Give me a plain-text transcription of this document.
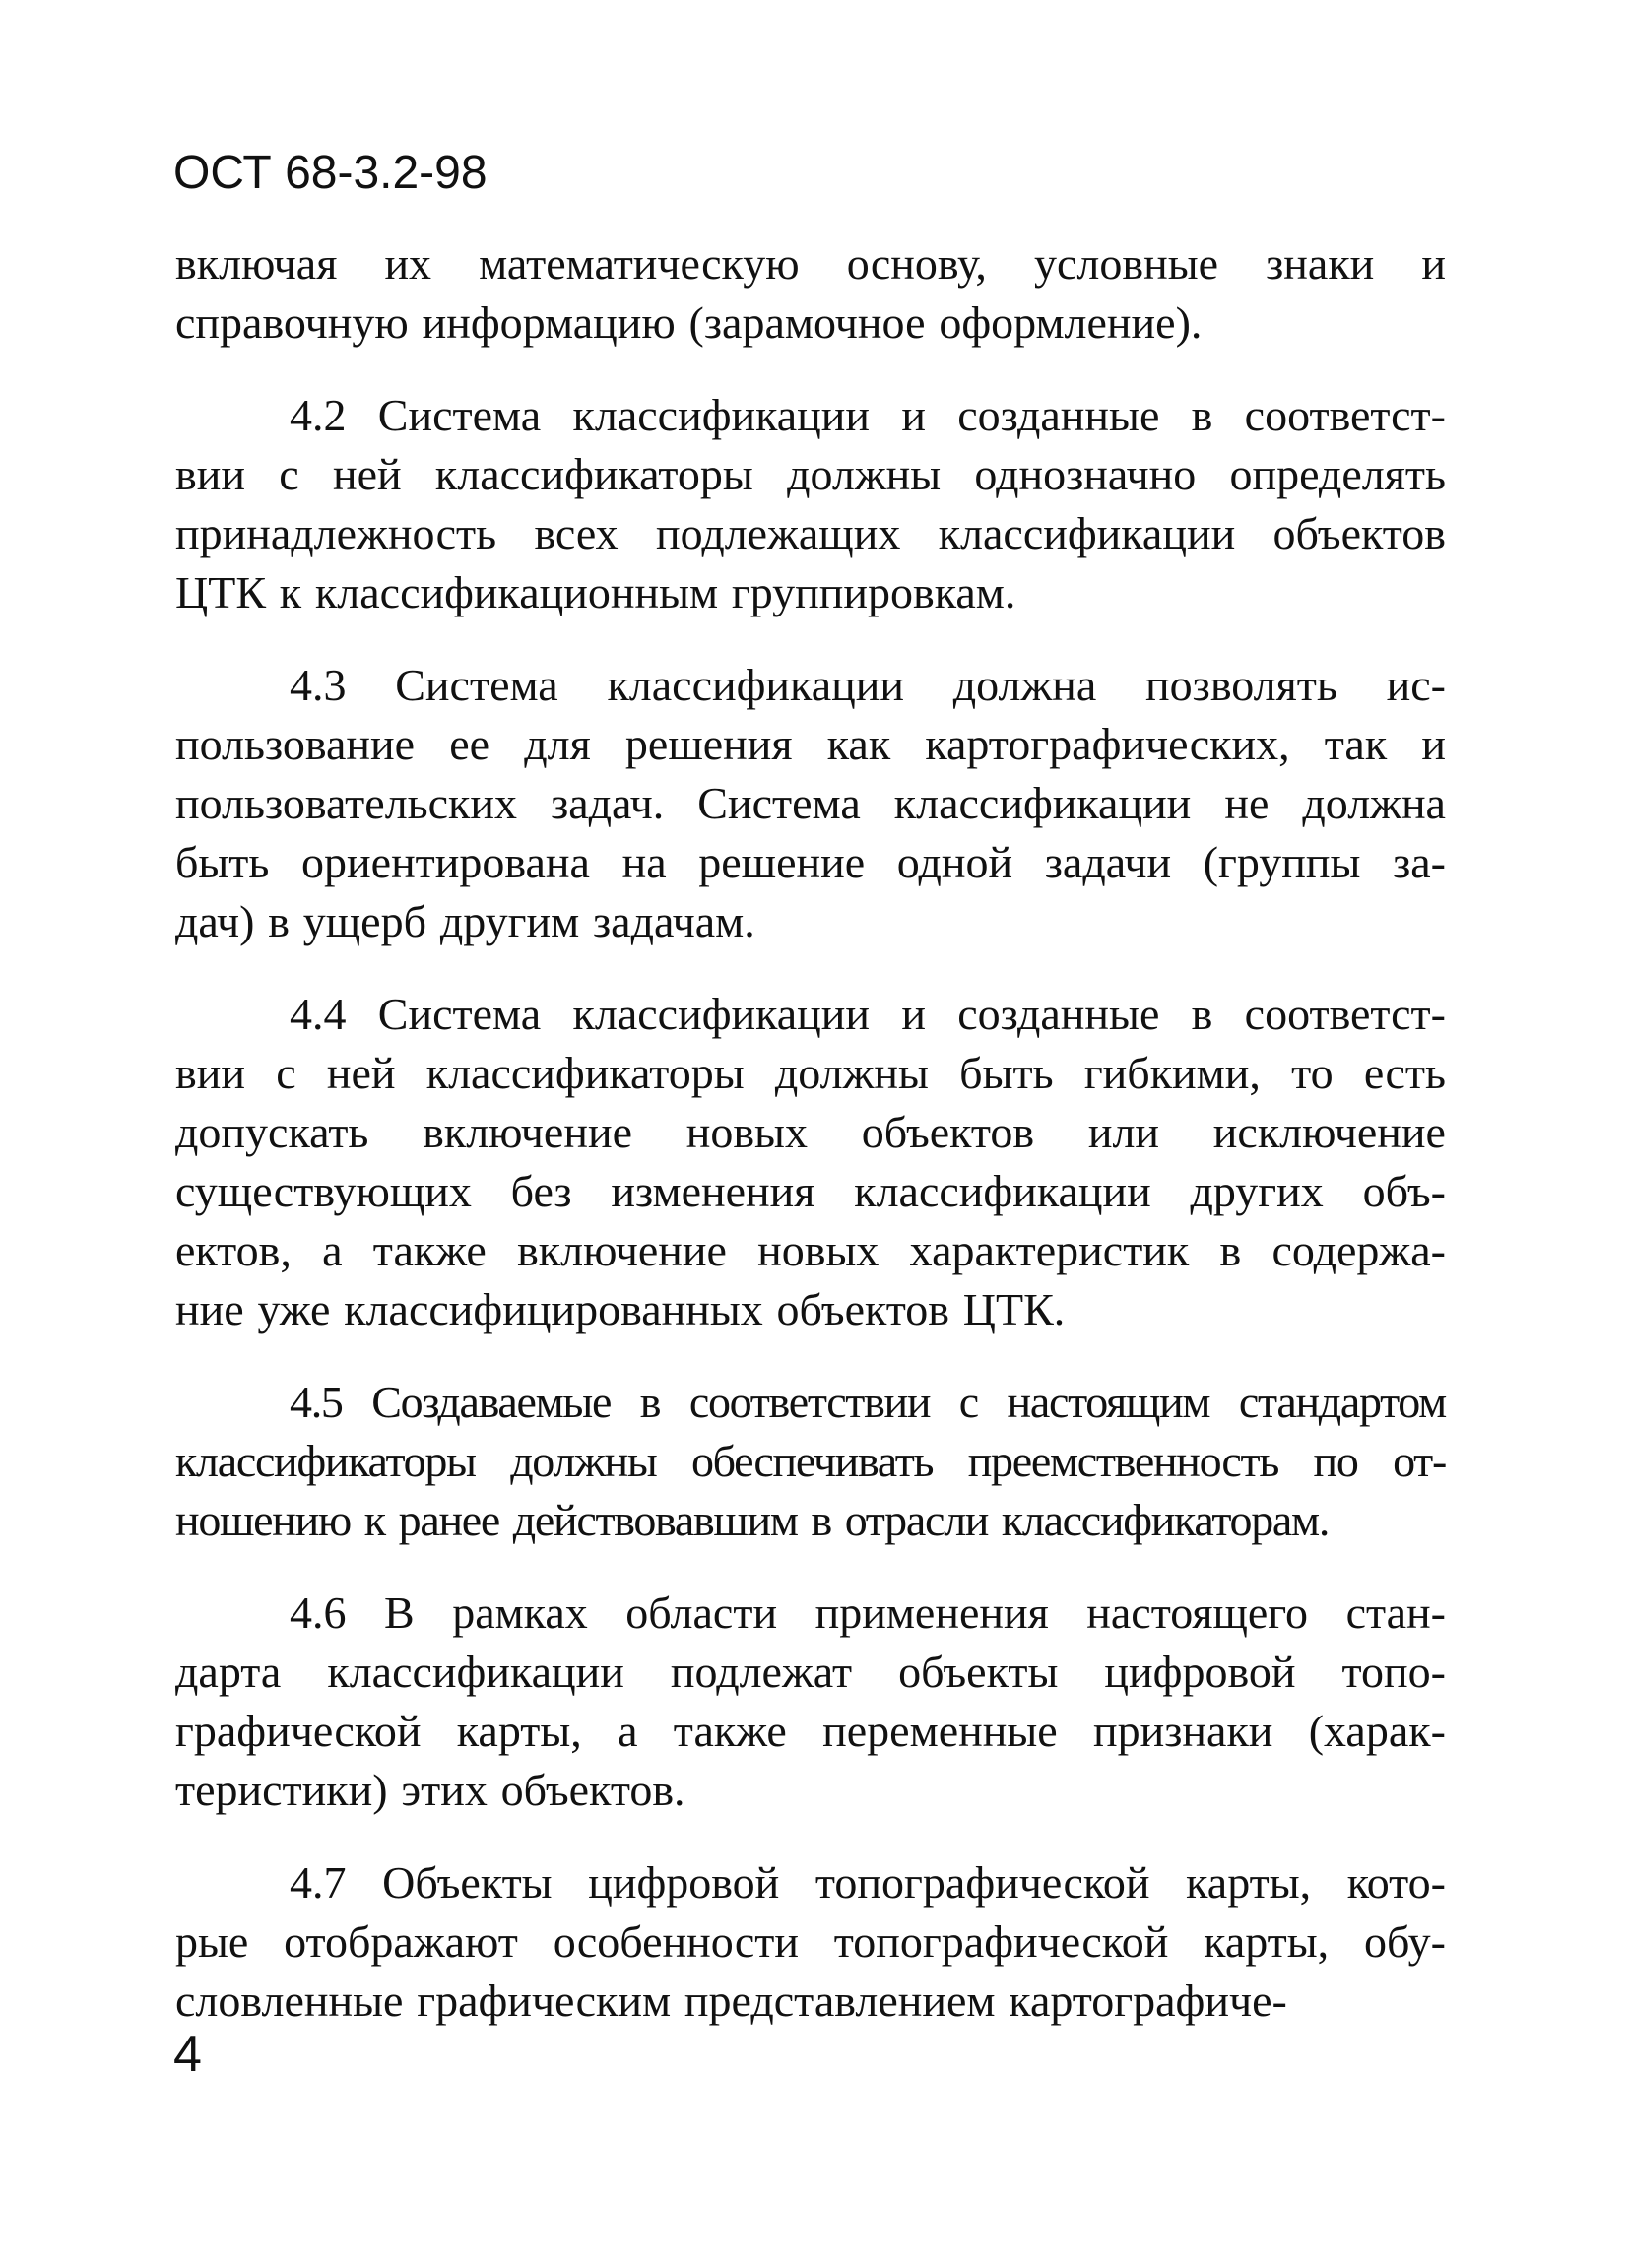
ОСТ 68-3.2-98
включая их математическую основу, условные знаки и
справочную информацию (зарамочное оформление).
4.2 Система классификации и созданные в соответст-
вии с ней классификаторы должны однозначно определять
принадлежность всех подлежащих классификации объектов
ЦТК к классификационным группировкам.
4.3 Система классификации должна позволять ис-
пользование ее для решения как картографических, так и
пользовательских задач. Система классификации не должна
быть ориентирована на решение одной задачи (группы за-
дач) в ущерб другим задачам.
4.4 Система классификации и созданные в соответст-
вии с ней классификаторы должны быть гибкими, то есть
допускать включение новых объектов или исключение
существующих без изменения классификации других объ-
ектов, а также включение новых характеристик в содержа-
ние уже классифицированных объектов ЦТК.
4.5 Создаваемые в соответствии с настоящим стандартом
классификаторы должны обеспечивать преемственность по от-
ношению к ранее действовавшим в отрасли классификаторам.
4.6 В рамках области применения настоящего стан-
дарта классификации подлежат объекты цифровой топо-
графической карты, а также переменные признаки (харак-
теристики) этих объектов.
4.7 Объекты цифровой топографической карты, кото-
рые отображают особенности топографической карты, обу-
словленные графическим представлением картографиче-
4
